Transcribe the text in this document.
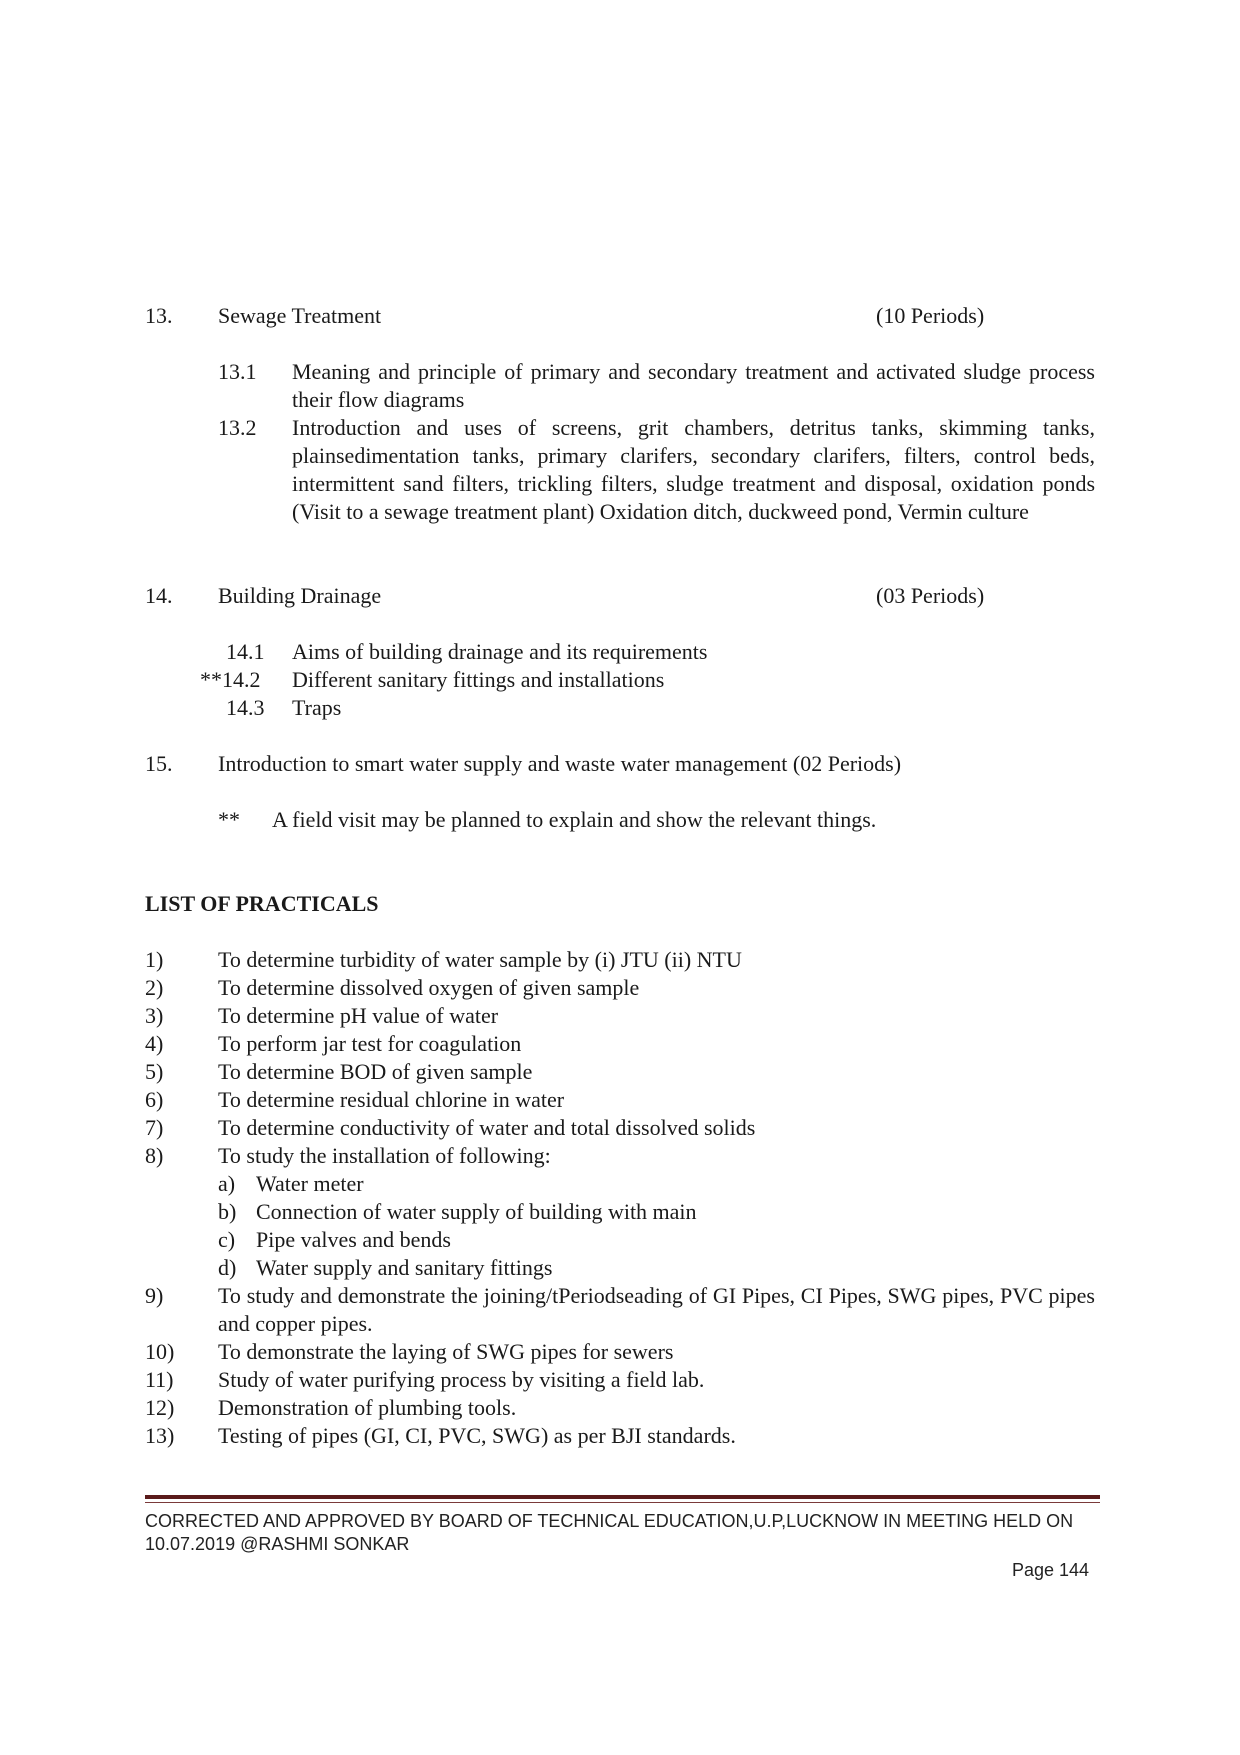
13. Sewage Treatment	(10 Periods)
13.1 Meaning and principle of primary and secondary treatment and activated sludge process their flow diagrams
13.2 Introduction and uses of screens, grit chambers, detritus tanks, skimming tanks, plainsedimentation tanks, primary clarifers, secondary clarifers, filters, control beds, intermittent sand filters, trickling filters, sludge treatment and disposal, oxidation ponds (Visit to a sewage treatment plant) Oxidation ditch, duckweed pond, Vermin culture
14. Building Drainage	(03 Periods)
14.1 Aims of building drainage and its requirements
**14.2 Different sanitary fittings and installations
14.3 Traps
15. Introduction to smart water supply and waste water management (02 Periods)
** A field visit may be planned to explain and show the relevant things.
LIST OF PRACTICALS
1) To determine turbidity of water sample by (i) JTU (ii) NTU
2) To determine dissolved oxygen of given sample
3) To determine pH value of water
4) To perform jar test for coagulation
5) To determine BOD of given sample
6) To determine residual chlorine in water
7) To determine conductivity of water and total dissolved solids
8) To study the installation of following:
a) Water meter
b) Connection of water supply of building with main
c) Pipe valves and bends
d) Water supply and sanitary fittings
9) To study and demonstrate the joining/tPeriodseading of GI Pipes, CI Pipes, SWG pipes, PVC pipes and copper pipes.
10) To demonstrate the laying of SWG pipes for sewers
11) Study of water purifying process by visiting a field lab.
12) Demonstration of plumbing tools.
13) Testing of pipes (GI, CI, PVC, SWG) as per BJI standards.
CORRECTED AND APPROVED BY BOARD OF TECHNICAL EDUCATION,U.P,LUCKNOW IN MEETING HELD ON
10.07.2019 @RASHMI SONKAR
Page 144
